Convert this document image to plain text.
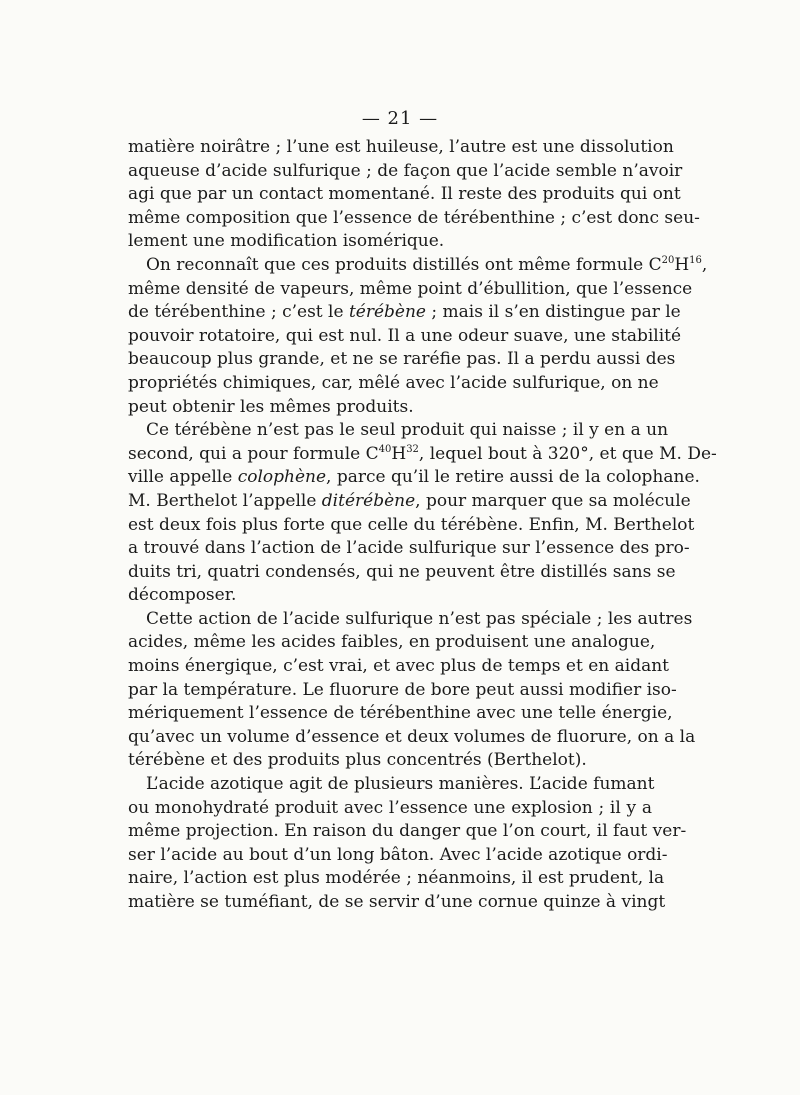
— 21 —
matière noirâtre ; l’une est huileuse, l’autre est une dissolution
aqueuse d’acide sulfurique ; de façon que l’acide semble n’avoir
agi que par un contact momentané. Il reste des produits qui ont
même composition que l’essence de térébenthine ; c’est donc seu-
lement une modification isomérique.
On reconnaît que ces produits distillés ont même formule $C^{20}H^{16}$,
même densité de vapeurs, même point d’ébullition, que l’essence
de térébenthine ; c’est le térébène ; mais il s’en distingue par le
pouvoir rotatoire, qui est nul. Il a une odeur suave, une stabilité
beaucoup plus grande, et ne se raréfie pas. Il a perdu aussi des
propriétés chimiques, car, mêlé avec l’acide sulfurique, on ne
peut obtenir les mêmes produits.
Ce térébène n’est pas le seul produit qui naisse ; il y en a un
second, qui a pour formule $C^{40}H^{32}$, lequel bout à 320°, et que M. De-
ville appelle colophène, parce qu’il le retire aussi de la colophane.
M. Berthelot l’appelle ditérébène, pour marquer que sa molécule
est deux fois plus forte que celle du térébène. Enfin, M. Berthelot
a trouvé dans l’action de l’acide sulfurique sur l’essence des pro-
duits tri, quatri condensés, qui ne peuvent être distillés sans se
décomposer.
Cette action de l’acide sulfurique n’est pas spéciale ; les autres
acides, même les acides faibles, en produisent une analogue,
moins énergique, c’est vrai, et avec plus de temps et en aidant
par la température. Le fluorure de bore peut aussi modifier iso-
mériquement l’essence de térébenthine avec une telle énergie,
qu’avec un volume d’essence et deux volumes de fluorure, on a la
térébène et des produits plus concentrés (Berthelot).
L’acide azotique agit de plusieurs manières. L’acide fumant
ou monohydraté produit avec l’essence une explosion ; il y a
même projection. En raison du danger que l’on court, il faut ver-
ser l’acide au bout d’un long bâton. Avec l’acide azotique ordi-
naire, l’action est plus modérée ; néanmoins, il est prudent, la
matière se tuméfiant, de se servir d’une cornue quinze à vingt
